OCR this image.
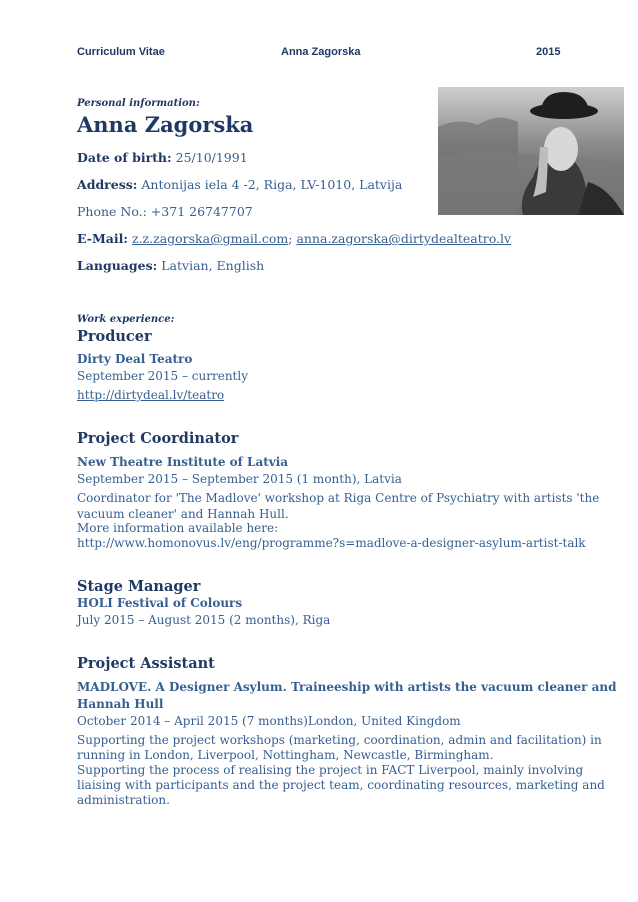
Curriculum Vitae	Anna Zagorska	2015
Personal information:
Anna Zagorska
Date of birth: 25/10/1991
Address: Antonijas iela 4 -2, Riga, LV-1010, Latvija
Phone No.: +371 26747707
E-Mail: z.z.zagorska@gmail.com; anna.zagorska@dirtydealteatro.lv
Languages: Latvian, English
Work experience:
Producer
Dirty Deal Teatro
September 2015 – currently
http://dirtydeal.lv/teatro
Project Coordinator
New Theatre Institute of Latvia
September 2015 – September 2015 (1 month), Latvia
Coordinator for 'The Madlove' workshop at Riga Centre of Psychiatry with artists 'the
vacuum cleaner' and Hannah Hull.
More information available here:
http://www.homonovus.lv/eng/programme?s=madlove-a-designer-asylum-artist-talk
Stage Manager
HOLI Festival of Colours
July 2015 – August 2015 (2 months), Riga
Project Assistant
MADLOVE. A Designer Asylum. Traineeship with artists the vacuum cleaner and
Hannah Hull
October 2014 – April 2015 (7 months)London, United Kingdom
Supporting the project workshops (marketing, coordination, admin and facilitation) in
running in London, Liverpool, Nottingham, Newcastle, Birmingham.
Supporting the process of realising the project in FACT Liverpool, mainly involving
liaising with participants and the project team, coordinating resources, marketing and
administration.
